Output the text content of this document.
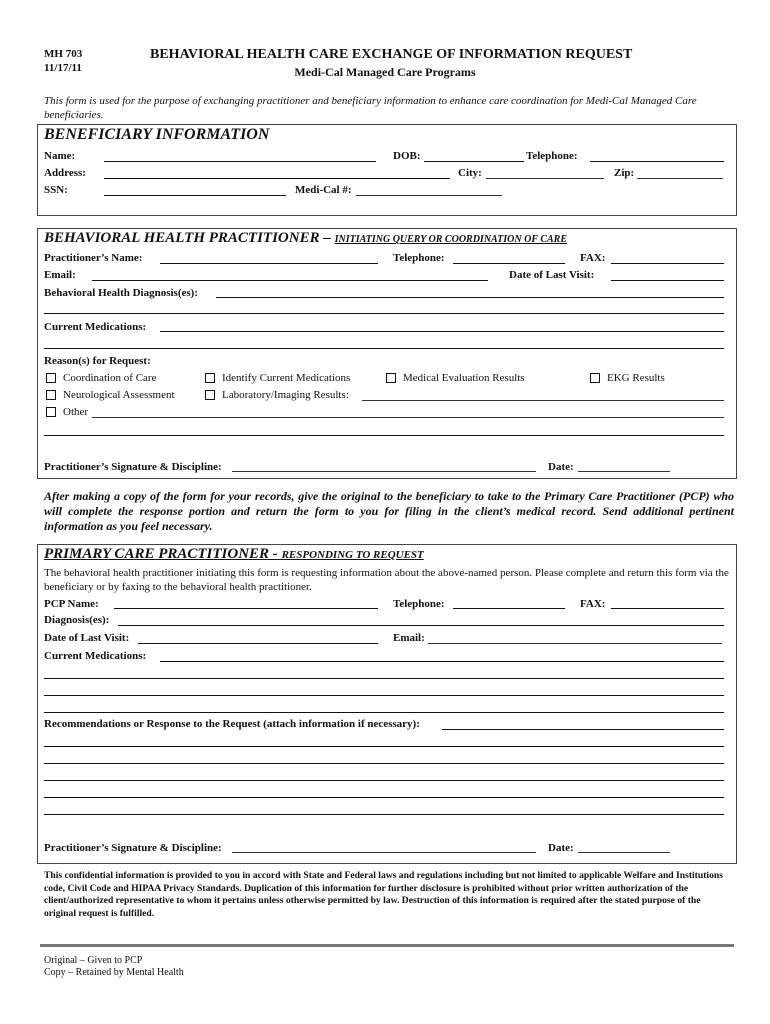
MH 703
11/17/11
BEHAVIORAL HEALTH CARE EXCHANGE OF INFORMATION REQUEST
Medi-Cal Managed Care Programs
This form is used for the purpose of exchanging practitioner and beneficiary information to enhance care coordination for Medi-Cal Managed Care beneficiaries.
BENEFICIARY INFORMATION
Name:	DOB:	Telephone:
Address:	City:	Zip:
SSN:	Medi-Cal #:
BEHAVIORAL HEALTH PRACTITIONER – INITIATING QUERY OR COORDINATION OF CARE
Practitioner’s Name:	Telephone:	FAX:
Email:	Date of Last Visit:
Behavioral Health Diagnosis(es):
Current Medications:
Reason(s) for Request:
Coordination of Care	Identify Current Medications	Medical Evaluation Results	EKG Results
Neurological Assessment	Laboratory/Imaging Results:
Other
Practitioner’s Signature & Discipline:	Date:
After making a copy of the form for your records, give the original to the beneficiary to take to the Primary Care Practitioner (PCP) who will complete the response portion and return the form to you for filing in the client’s medical record. Send additional pertinent information as you feel necessary.
PRIMARY CARE PRACTITIONER - RESPONDING TO REQUEST
The behavioral health practitioner initiating this form is requesting information about the above-named person. Please complete and return this form via the beneficiary or by faxing to the behavioral health practitioner.
PCP Name:	Telephone:	FAX:
Diagnosis(es):
Date of Last Visit:	Email:
Current Medications:
Recommendations or Response to the Request (attach information if necessary):
Practitioner’s Signature & Discipline:	Date:
This confidential information is provided to you in accord with State and Federal laws and regulations including but not limited to applicable Welfare and Institutions code, Civil Code and HIPAA Privacy Standards. Duplication of this information for further disclosure is prohibited without prior written authorization of the client/authorized representative to whom it pertains unless otherwise permitted by law. Destruction of this information is required after the stated purpose of the original request is fulfilled.
Original – Given to PCP
Copy – Retained by Mental Health
